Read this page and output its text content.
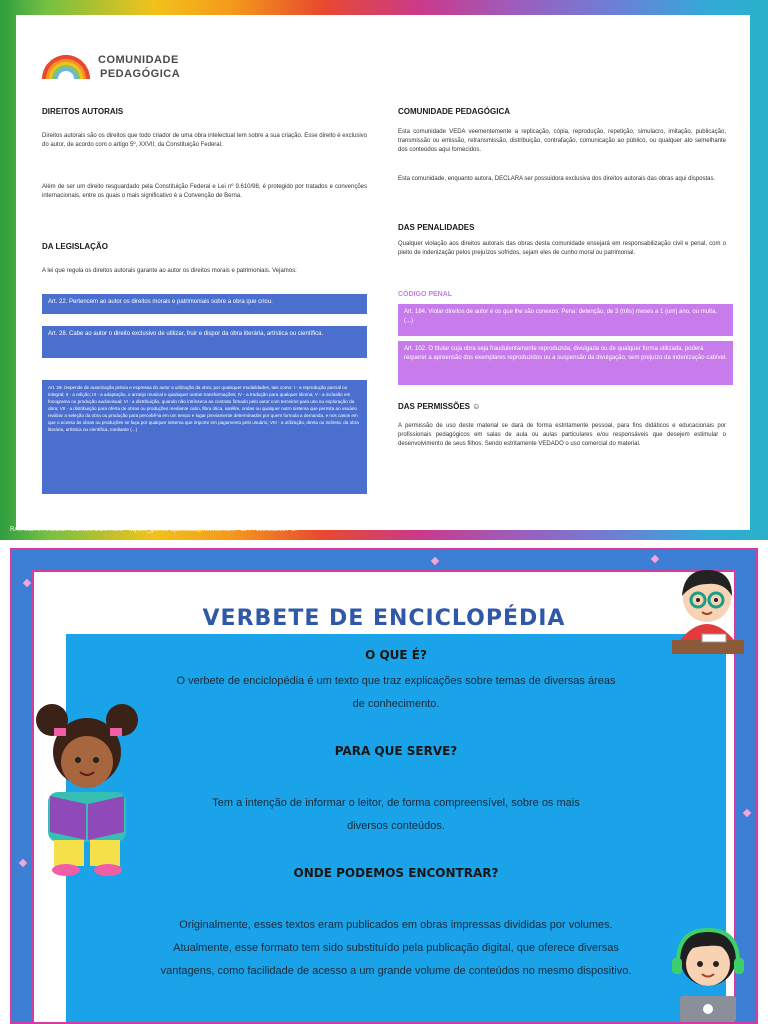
COMUNIDADE
PEDAGÓGICA
DIREITOS AUTORAIS
Direitos autorais são os direitos que todo criador de uma obra intelectual tem sobre a sua criação. Esse direito é exclusivo do autor, de acordo com o artigo 5º, XXVII, da Constituição Federal.
Além de ser um direito resguardado pela Constituição Federal e Lei nº 9.610/98, é protegido por tratados e convenções internacionais, entre os quais o mais significativo é a Convenção de Berna.
DA LEGISLAÇÃO
A lei que regula os direitos autorais garante ao autor os direitos morais e patrimoniais. Vejamos:
Art. 22. Pertencem ao autor os direitos morais e patrimoniais sobre a obra que criou.
Art. 28. Cabe ao autor o direito exclusivo de utilizar, fruir e dispor da obra literária, artística ou científica.
Art. 29. Depende de autorização prévia e expressa do autor a utilização da obra, por quaisquer modalidades, tais como: I - a reprodução parcial ou integral; II - a edição; III - a adaptação, o arranjo musical e quaisquer outras transformações; IV - a tradução para qualquer idioma; V - a inclusão em fonograma ou produção audiovisual; VI - a distribuição, quando não intrínseca ao contrato firmado pelo autor com terceiros para uso ou exploração da obra; VII - a distribuição para oferta de obras ou produções mediante cabo, fibra ótica, satélite, ondas ou qualquer outro sistema que permita ao usuário realizar a seleção da obra ou produção para percebê-la em um tempo e lugar previamente determinados por quem formula a demanda, e nos casos em que o acesso às obras ou produções se faça por qualquer sistema que importe em pagamento pelo usuário; VIII - a utilização, direta ou indireta, da obra literária, artística ou científica, mediante (...)
COMUNIDADE PEDAGÓGICA
Esta comunidade VEDA veementemente a replicação, cópia, reprodução, repetição, simulacro, imitação, publicação, transmissão ou emissão, retransmissão, distribuição, contrafação, comunicação ao público, ou qualquer ato semelhante dos conteúdos aqui fornecidos.
Esta comunidade, enquanto autora, DECLARA ser possuidora exclusiva dos direitos autorais das obras aqui dispostas.
DAS PENALIDADES
Qualquer violação aos direitos autorais das obras desta comunidade ensejará em responsabilização civil e penal, com o pleito de indenização pelos prejuízos sofridos, sejam eles de cunho moral ou patrimonial.
CÓDIGO PENAL
Art. 184. Violar direitos de autor e os que lhe são conexos: Pena: detenção, de 3 (três) meses a 1 (um) ano, ou multa. (...)
Art. 102. O titular cuja obra seja fraudulentamente reproduzida, divulgada ou de qualquer forma utilizada, poderá requerer a apreensão dos exemplares reproduzidos ou a suspensão da divulgação, sem prejuízo da indenização cabível.
DAS PERMISSÕES ☺
A permissão de uso deste material se dará de forma estritamente pessoal, para fins didáticos e educacionais por profissionais pedagógicos em salas de aula ou aulas particulares e/ou responsáveis que desejem estimular o desenvolvimento de seus filhos. Sendo estritamente VEDADO o uso comercial do material.
RAYANE APARECIDA GOMES DOS REIS - rayane_gomes-aparecida@hotmail.com - CPF: 169.592.967-57
VERBETE DE ENCICLOPÉDIA
O QUE É?
O verbete de enciclopédia é um texto que traz explicações sobre temas de diversas áreas
de conhecimento.
PARA QUE SERVE?
Tem a intenção de informar o leitor, de forma compreensível, sobre os mais
diversos conteúdos.
ONDE PODEMOS ENCONTRAR?
Originalmente, esses textos eram publicados em obras impressas divididas por volumes.
Atualmente, esse formato tem sido substituído pela publicação digital, que oferece diversas
vantagens, como facilidade de acesso a um grande volume de conteúdos no mesmo dispositivo.
